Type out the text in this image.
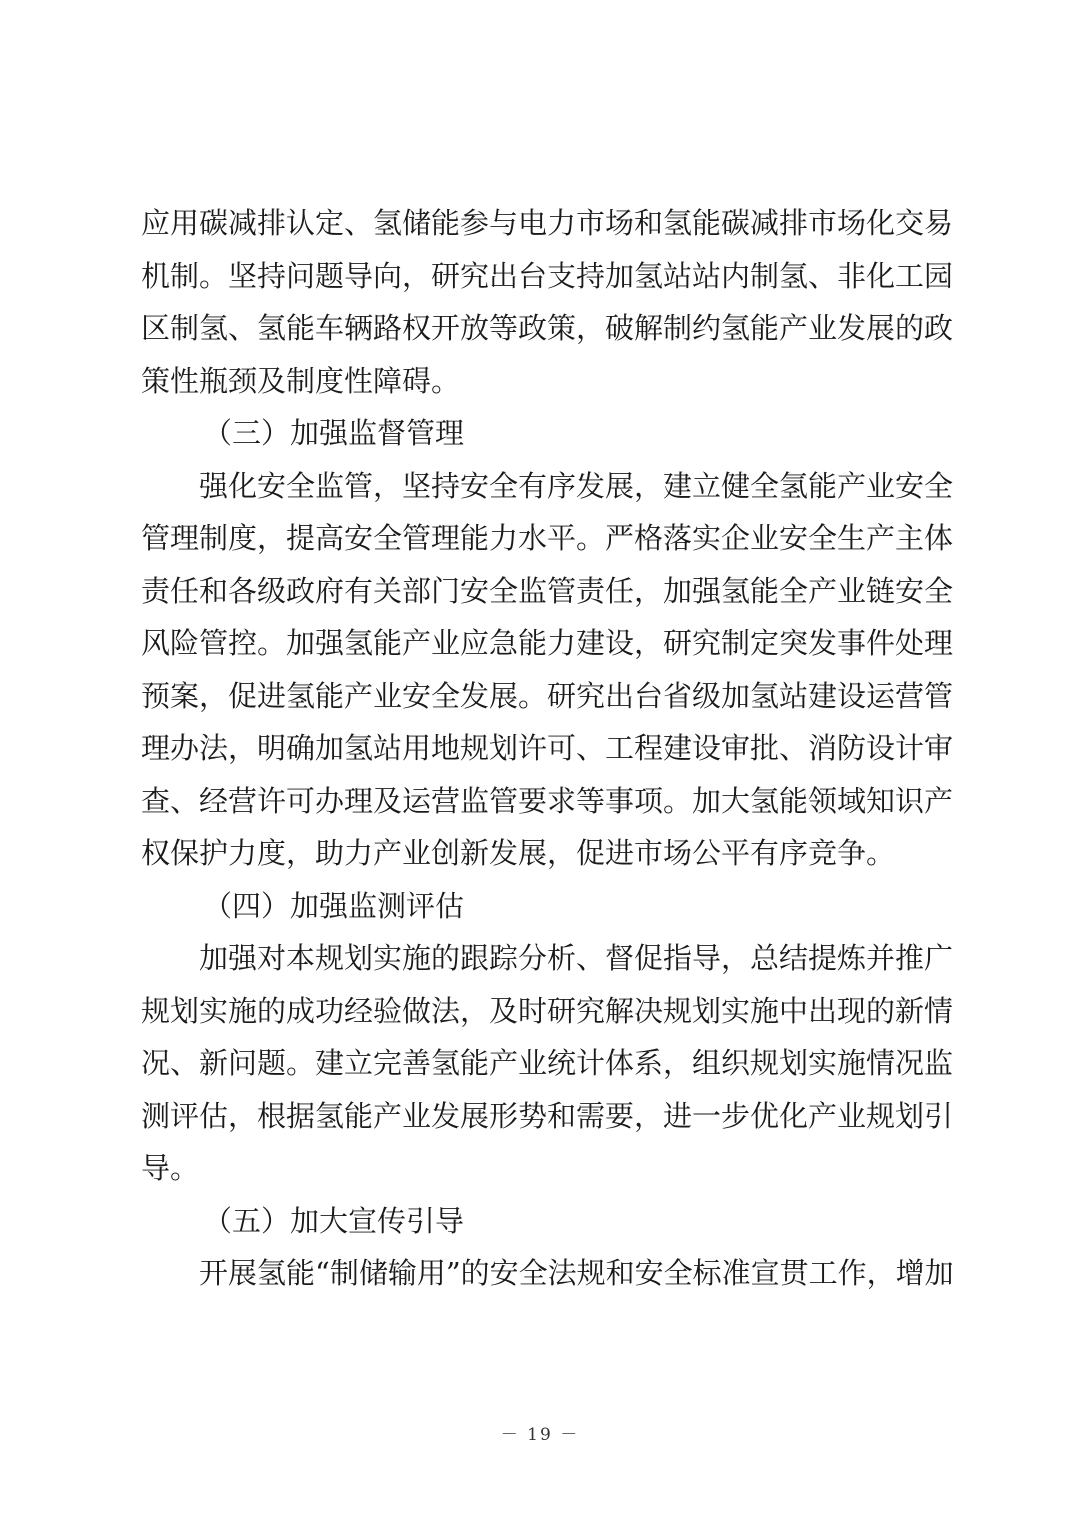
应用碳减排认定、氢储能参与电力市场和氢能碳减排市场化交易
机制。坚持问题导向，研究出台支持加氢站站内制氢、非化工园
区制氢、氢能车辆路权开放等政策，破解制约氢能产业发展的政
策性瓶颈及制度性障碍。
（三）加强监督管理
强化安全监管，坚持安全有序发展，建立健全氢能产业安全
管理制度，提高安全管理能力水平。严格落实企业安全生产主体
责任和各级政府有关部门安全监管责任，加强氢能全产业链安全
风险管控。加强氢能产业应急能力建设，研究制定突发事件处理
预案，促进氢能产业安全发展。研究出台省级加氢站建设运营管
理办法，明确加氢站用地规划许可、工程建设审批、消防设计审
查、经营许可办理及运营监管要求等事项。加大氢能领域知识产
权保护力度，助力产业创新发展，促进市场公平有序竞争。
（四）加强监测评估
加强对本规划实施的跟踪分析、督促指导，总结提炼并推广
规划实施的成功经验做法，及时研究解决规划实施中出现的新情
况、新问题。建立完善氢能产业统计体系，组织规划实施情况监
测评估，根据氢能产业发展形势和需要，进一步优化产业规划引
导。
（五）加大宣传引导
开展氢能“制储输用”的安全法规和安全标准宣贯工作，增加
－ 19 －
